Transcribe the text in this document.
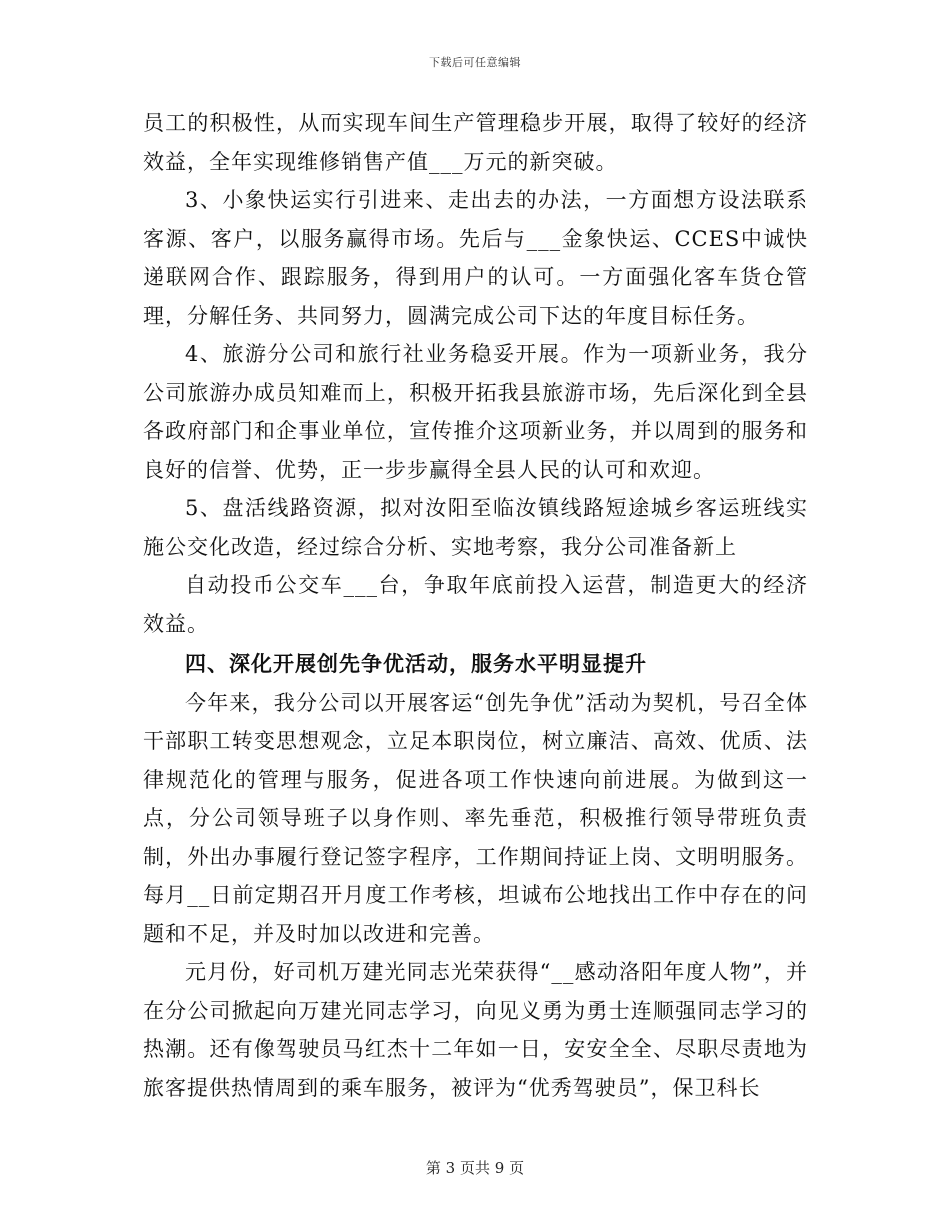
下载后可任意编辑

员工的积极性，从而实现车间生产管理稳步开展，取得了较好的经济效益，全年实现维修销售产值___万元的新突破。

3、小象快运实行引进来、走出去的办法，一方面想方设法联系客源、客户，以服务赢得市场。先后与___金象快运、CCES中诚快递联网合作、跟踪服务，得到用户的认可。一方面强化客车货仓管理，分解任务、共同努力，圆满完成公司下达的年度目标任务。

4、旅游分公司和旅行社业务稳妥开展。作为一项新业务，我分公司旅游办成员知难而上，积极开拓我县旅游市场，先后深化到全县各政府部门和企事业单位，宣传推介这项新业务，并以周到的服务和良好的信誉、优势，正一步步赢得全县人民的认可和欢迎。

5、盘活线路资源，拟对汝阳至临汝镇线路短途城乡客运班线实施公交化改造，经过综合分析、实地考察，我分公司准备新上

自动投币公交车___台，争取年底前投入运营，制造更大的经济效益。

四、深化开展创先争优活动，服务水平明显提升

今年来，我分公司以开展客运“创先争优”活动为契机，号召全体干部职工转变思想观念，立足本职岗位，树立廉洁、高效、优质、法律规范化的管理与服务，促进各项工作快速向前进展。为做到这一点，分公司领导班子以身作则、率先垂范，积极推行领导带班负责制，外出办事履行登记签字程序，工作期间持证上岗、文明明服务。每月__日前定期召开月度工作考核，坦诚布公地找出工作中存在的问题和不足，并及时加以改进和完善。

元月份，好司机万建光同志光荣获得“__感动洛阳年度人物”，并在分公司掀起向万建光同志学习，向见义勇为勇士连顺强同志学习的热潮。还有像驾驶员马红杰十二年如一日，安安全全、尽职尽责地为旅客提供热情周到的乘车服务，被评为“优秀驾驶员”，保卫科长

第 3 页共 9 页
